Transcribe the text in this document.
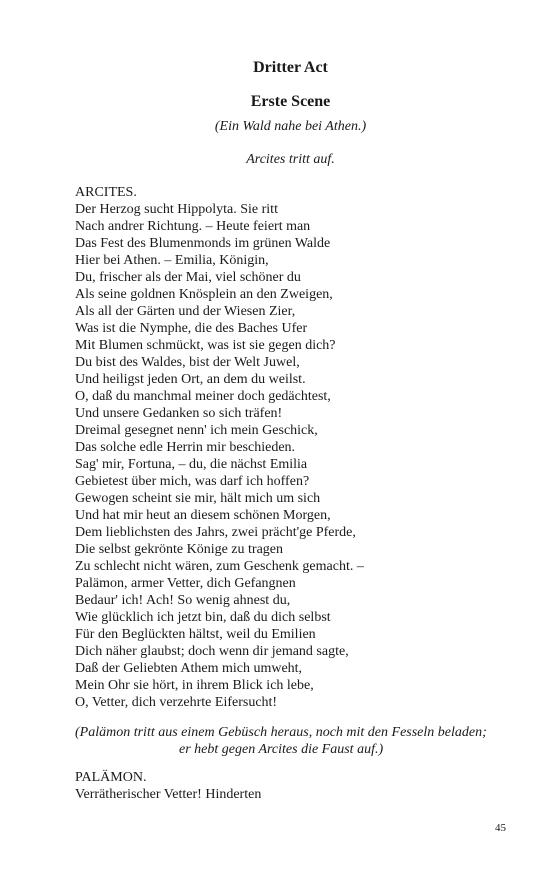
Dritter Act
Erste Scene
(Ein Wald nahe bei Athen.)
Arcites tritt auf.
ARCITES.
Der Herzog sucht Hippolyta. Sie ritt
Nach andrer Richtung. – Heute feiert man
Das Fest des Blumenmonds im grünen Walde
Hier bei Athen. – Emilia, Königin,
Du, frischer als der Mai, viel schöner du
Als seine goldnen Knösplein an den Zweigen,
Als all der Gärten und der Wiesen Zier,
Was ist die Nymphe, die des Baches Ufer
Mit Blumen schmückt, was ist sie gegen dich?
Du bist des Waldes, bist der Welt Juwel,
Und heiligst jeden Ort, an dem du weilst.
O, daß du manchmal meiner doch gedächtest,
Und unsere Gedanken so sich träfen!
Dreimal gesegnet nenn' ich mein Geschick,
Das solche edle Herrin mir beschieden.
Sag' mir, Fortuna, – du, die nächst Emilia
Gebietest über mich, was darf ich hoffen?
Gewogen scheint sie mir, hält mich um sich
Und hat mir heut an diesem schönen Morgen,
Dem lieblichsten des Jahrs, zwei prächt'ge Pferde,
Die selbst gekrönte Könige zu tragen
Zu schlecht nicht wären, zum Geschenk gemacht. –
Palämon, armer Vetter, dich Gefangnen
Bedaur' ich! Ach! So wenig ahnest du,
Wie glücklich ich jetzt bin, daß du dich selbst
Für den Beglückten hältst, weil du Emilien
Dich näher glaubst; doch wenn dir jemand sagte,
Daß der Geliebten Athem mich umweht,
Mein Ohr sie hört, in ihrem Blick ich lebe,
O, Vetter, dich verzehrte Eifersucht!
(Palämon tritt aus einem Gebüsch heraus, noch mit den Fesseln beladen;
er hebt gegen Arcites die Faust auf.)
PALÄMON.
Verrätherischer Vetter! Hinderten
45
